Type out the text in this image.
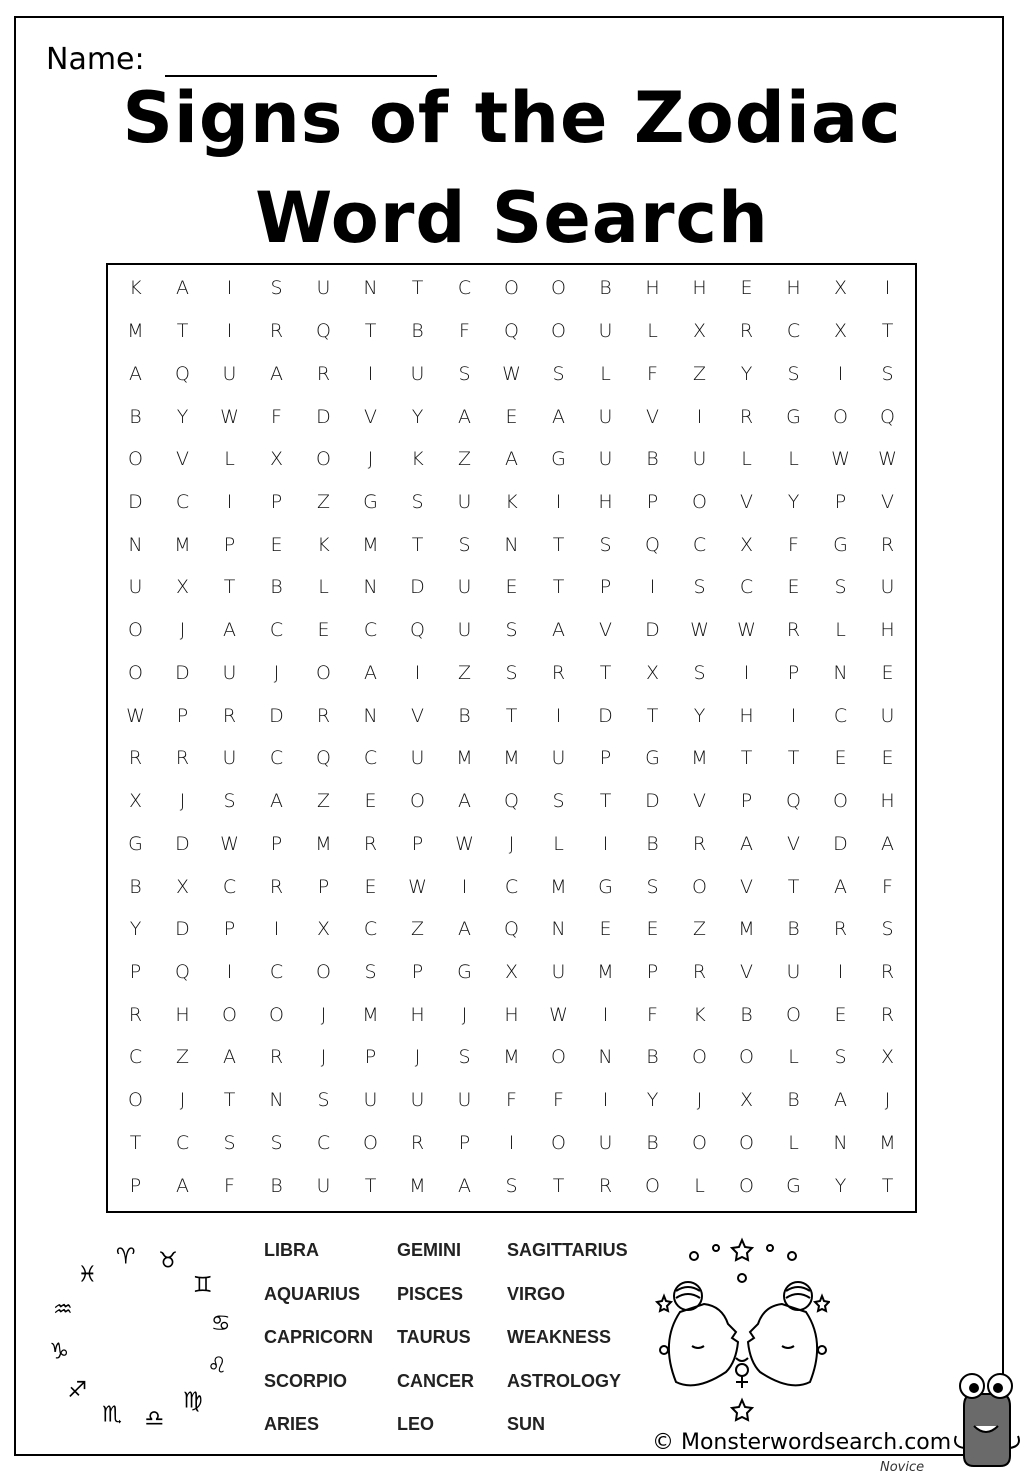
Name:
Signs of the Zodiac
Word Search
K	A	I	S	U	N	T	C	O	O	B	H	H	E	H	X	I
M	T	I	R	Q	T	B	F	Q	O	U	L	X	R	C	X	T
A	Q	U	A	R	I	U	S	W	S	L	F	Z	Y	S	I	S
B	Y	W	F	D	V	Y	A	E	A	U	V	I	R	G	O	Q
O	V	L	X	O	J	K	Z	A	G	U	B	U	L	L	W	W
D	C	I	P	Z	G	S	U	K	I	H	P	O	V	Y	P	V
N	M	P	E	K	M	T	S	N	T	S	Q	C	X	F	G	R
U	X	T	B	L	N	D	U	E	T	P	I	S	C	E	S	U
O	J	A	C	E	C	Q	U	S	A	V	D	W	W	R	L	H
O	D	U	J	O	A	I	Z	S	R	T	X	S	I	P	N	E
W	P	R	D	R	N	V	B	T	I	D	T	Y	H	I	C	U
R	R	U	C	Q	C	U	M	M	U	P	G	M	T	T	E	E
X	J	S	A	Z	E	O	A	Q	S	T	D	V	P	Q	O	H
G	D	W	P	M	R	P	W	J	L	I	B	R	A	V	D	A
B	X	C	R	P	E	W	I	C	M	G	S	O	V	T	A	F
Y	D	P	I	X	C	Z	A	Q	N	E	E	Z	M	B	R	S
P	Q	I	C	O	S	P	G	X	U	M	P	R	V	U	I	R
R	H	O	O	J	M	H	J	H	W	I	F	K	B	O	E	R
C	Z	A	R	J	P	J	S	M	O	N	B	O	O	L	S	X
O	J	T	N	S	U	U	U	F	F	I	Y	J	X	B	A	J
T	C	S	S	C	O	R	P	I	O	U	B	O	O	L	N	M
P	A	F	B	U	T	M	A	S	T	R	O	L	O	G	Y	T
♈ ♉
♊
♋
♌
♍
♎
♏
♐
♑
♒
♓
LIBRA
AQUARIUS
CAPRICORN
SCORPIO
ARIES
GEMINI
PISCES
TAURUS
CANCER
LEO
SAGITTARIUS
VIRGO
WEAKNESS
ASTROLOGY
SUN
© Monsterwordsearch.com
Novice
